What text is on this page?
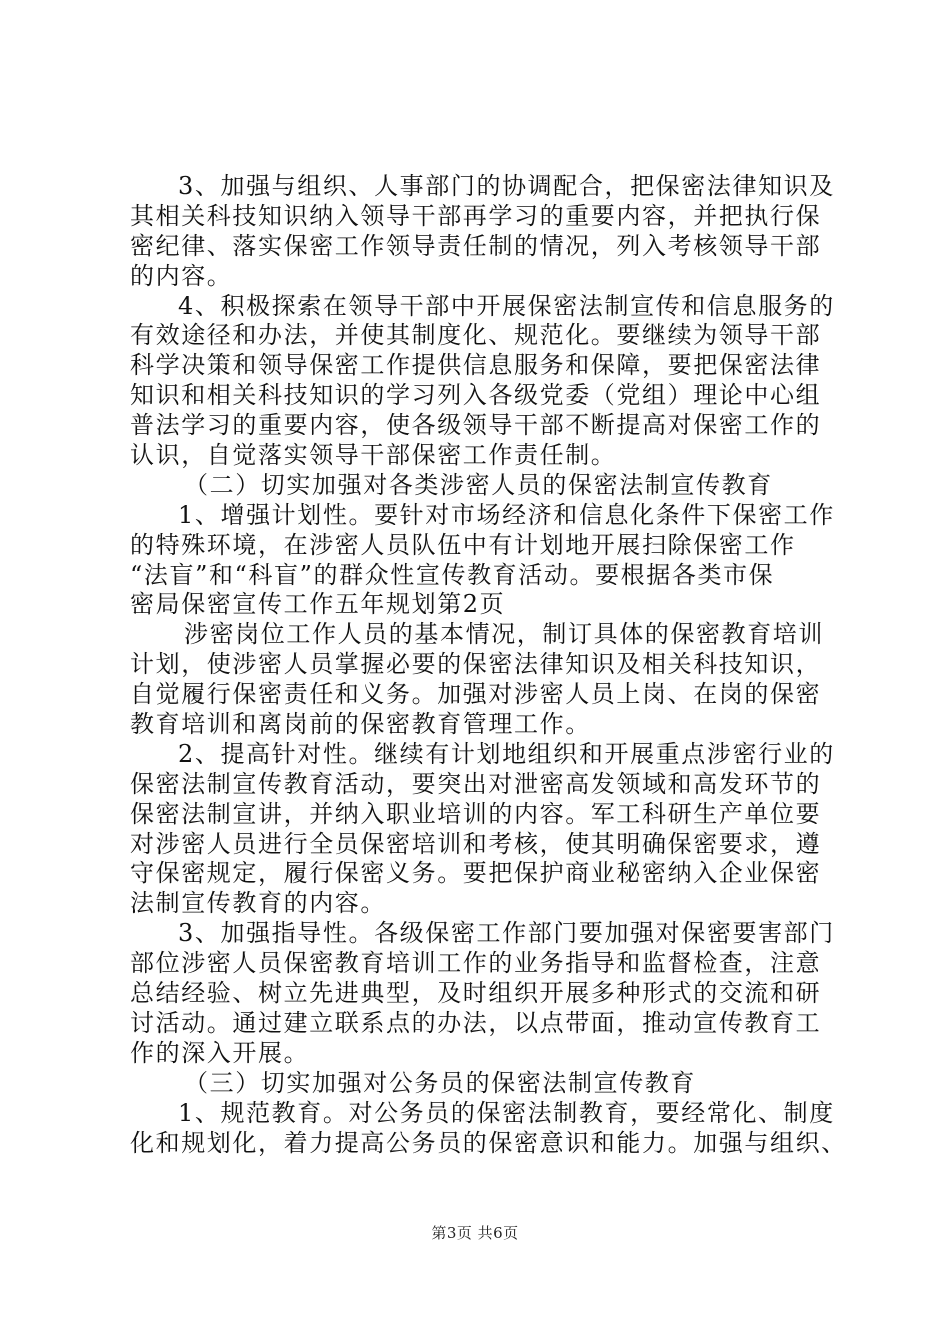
3、加强与组织、人事部门的协调配合，把保密法律知识及
其相关科技知识纳入领导干部再学习的重要内容，并把执行保
密纪律、落实保密工作领导责任制的情况，列入考核领导干部
的内容。
4、积极探索在领导干部中开展保密法制宣传和信息服务的
有效途径和办法，并使其制度化、规范化。要继续为领导干部
科学决策和领导保密工作提供信息服务和保障，要把保密法律
知识和相关科技知识的学习列入各级党委（党组）理论中心组
普法学习的重要内容，使各级领导干部不断提高对保密工作的
认识，自觉落实领导干部保密工作责任制。
（二）切实加强对各类涉密人员的保密法制宣传教育
1、增强计划性。要针对市场经济和信息化条件下保密工作
的特殊环境，在涉密人员队伍中有计划地开展扫除保密工作
“法盲”和“科盲”的群众性宣传教育活动。要根据各类市保
密局保密宣传工作五年规划第2页
涉密岗位工作人员的基本情况，制订具体的保密教育培训
计划，使涉密人员掌握必要的保密法律知识及相关科技知识，
自觉履行保密责任和义务。加强对涉密人员上岗、在岗的保密
教育培训和离岗前的保密教育管理工作。
2、提高针对性。继续有计划地组织和开展重点涉密行业的
保密法制宣传教育活动，要突出对泄密高发领域和高发环节的
保密法制宣讲，并纳入职业培训的内容。军工科研生产单位要
对涉密人员进行全员保密培训和考核，使其明确保密要求，遵
守保密规定，履行保密义务。要把保护商业秘密纳入企业保密
法制宣传教育的内容。
3、加强指导性。各级保密工作部门要加强对保密要害部门
部位涉密人员保密教育培训工作的业务指导和监督检查，注意
总结经验、树立先进典型，及时组织开展多种形式的交流和研
讨活动。通过建立联系点的办法，以点带面，推动宣传教育工
作的深入开展。
（三）切实加强对公务员的保密法制宣传教育
1、规范教育。对公务员的保密法制教育，要经常化、制度
化和规划化，着力提高公务员的保密意识和能力。加强与组织、
第3页 共6页
